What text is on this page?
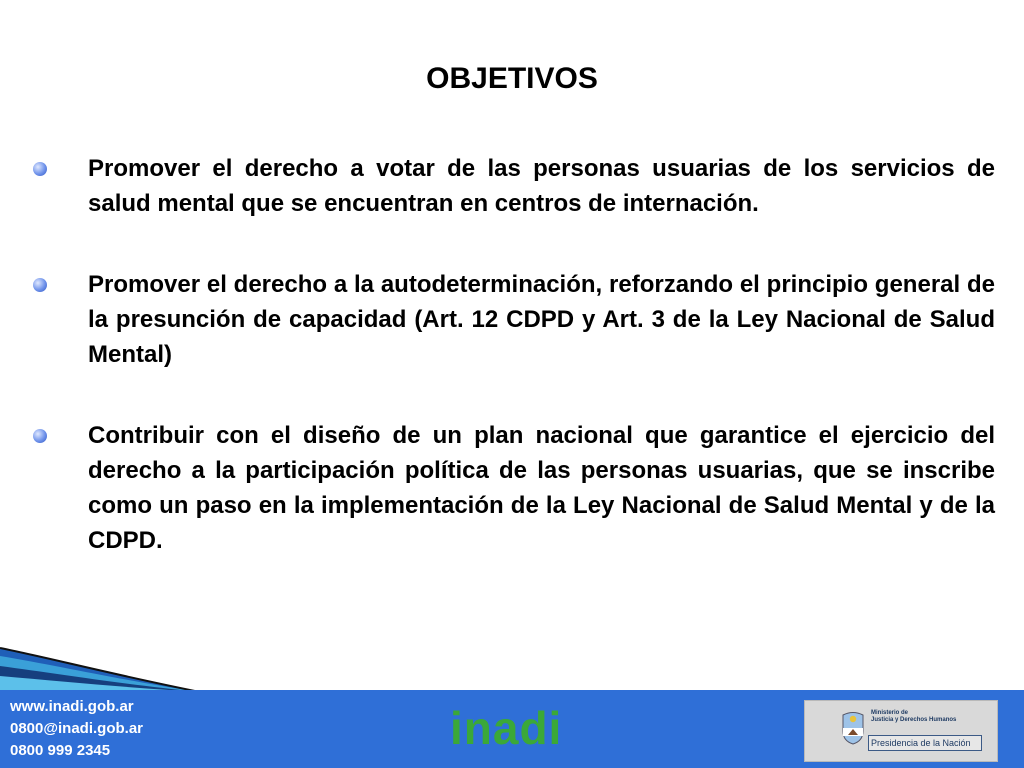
OBJETIVOS
Promover el derecho a votar de las personas usuarias de los servicios de salud mental que se encuentran en centros de internación.
Promover el derecho a la autodeterminación, reforzando el principio general de la presunción de capacidad (Art. 12 CDPD y Art. 3 de la Ley Nacional de Salud Mental)
Contribuir con el diseño de un plan nacional que garantice el ejercicio del derecho a la participación política de las personas usuarias, que se inscribe como un paso en la implementación de la Ley Nacional de Salud Mental y de la CDPD.
www.inadi.gob.ar
0800@inadi.gob.ar
0800 999 2345	inadi	Ministerio de
Justicia y Derechos Humanos
Presidencia de la Nación
